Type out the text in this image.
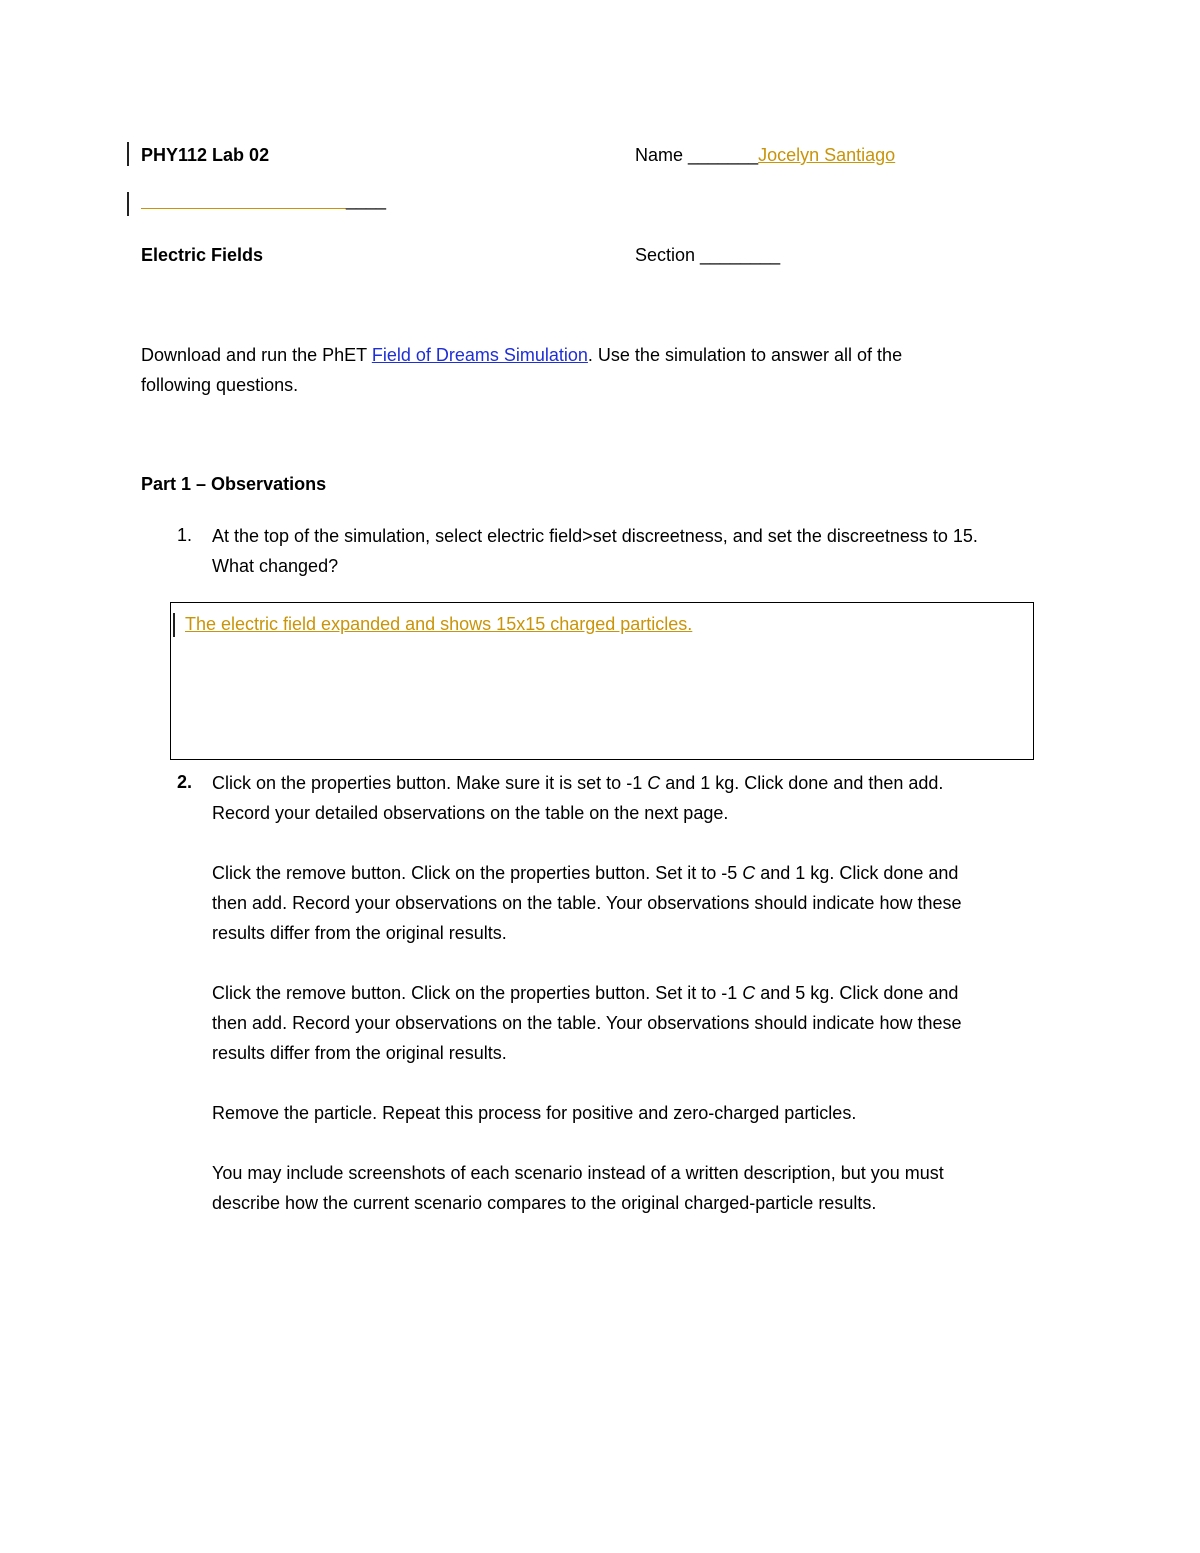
PHY112 Lab 02	Name _______Jocelyn Santiago
____
Electric Fields	Section ________
Download and run the PhET Field of Dreams Simulation. Use the simulation to answer all of the
following questions.
Part 1 – Observations
1. At the top of the simulation, select electric field>set discreetness, and set the discreetness to 15.
What changed?
The electric field expanded and shows 15x15 charged particles.
2. Click on the properties button. Make sure it is set to -1 C and 1 kg. Click done and then add.
Record your detailed observations on the table on the next page.
Click the remove button. Click on the properties button. Set it to -5 C and 1 kg. Click done and
then add. Record your observations on the table. Your observations should indicate how these
results differ from the original results.
Click the remove button. Click on the properties button. Set it to -1 C and 5 kg. Click done and
then add. Record your observations on the table. Your observations should indicate how these
results differ from the original results.
Remove the particle. Repeat this process for positive and zero-charged particles.
You may include screenshots of each scenario instead of a written description, but you must
describe how the current scenario compares to the original charged-particle results.
